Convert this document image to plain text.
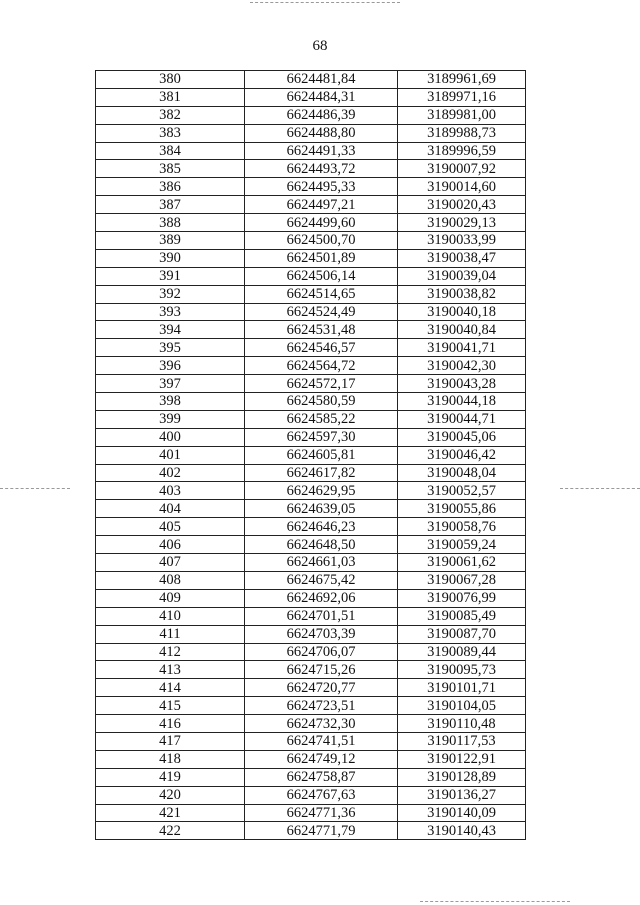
68
380	6624481,84	3189961,69
381	6624484,31	3189971,16
382	6624486,39	3189981,00
383	6624488,80	3189988,73
384	6624491,33	3189996,59
385	6624493,72	3190007,92
386	6624495,33	3190014,60
387	6624497,21	3190020,43
388	6624499,60	3190029,13
389	6624500,70	3190033,99
390	6624501,89	3190038,47
391	6624506,14	3190039,04
392	6624514,65	3190038,82
393	6624524,49	3190040,18
394	6624531,48	3190040,84
395	6624546,57	3190041,71
396	6624564,72	3190042,30
397	6624572,17	3190043,28
398	6624580,59	3190044,18
399	6624585,22	3190044,71
400	6624597,30	3190045,06
401	6624605,81	3190046,42
402	6624617,82	3190048,04
403	6624629,95	3190052,57
404	6624639,05	3190055,86
405	6624646,23	3190058,76
406	6624648,50	3190059,24
407	6624661,03	3190061,62
408	6624675,42	3190067,28
409	6624692,06	3190076,99
410	6624701,51	3190085,49
411	6624703,39	3190087,70
412	6624706,07	3190089,44
413	6624715,26	3190095,73
414	6624720,77	3190101,71
415	6624723,51	3190104,05
416	6624732,30	3190110,48
417	6624741,51	3190117,53
418	6624749,12	3190122,91
419	6624758,87	3190128,89
420	6624767,63	3190136,27
421	6624771,36	3190140,09
422	6624771,79	3190140,43
